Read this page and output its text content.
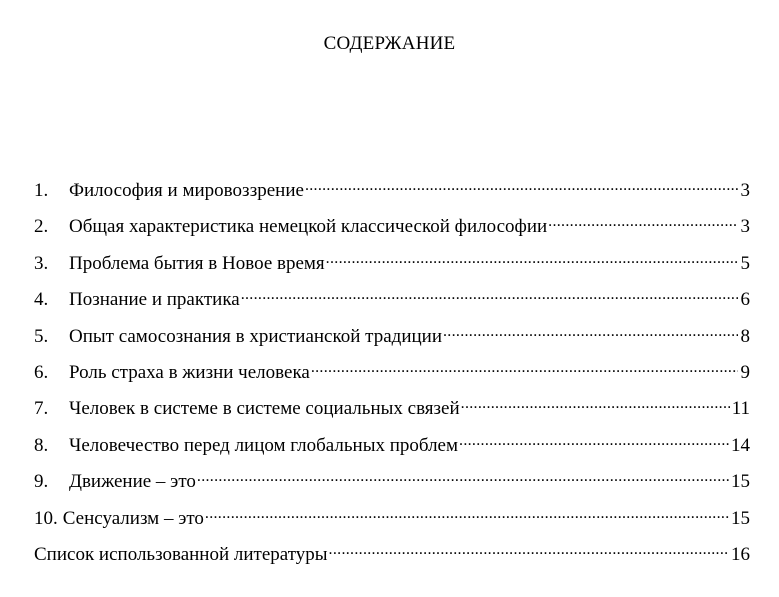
СОДЕРЖАНИЕ
1.	Философия и мировоззрение .....	3
2.	Общая характеристика немецкой классической философии .....	3
3.	Проблема бытия в Новое время .....	5
4.	Познание и практика .....	6
5.	Опыт самосознания в христианской традиции .....	8
6.	Роль страха в жизни человека .....	9
7.	Человек в системе в системе социальных связей .....	11
8.	Человечество перед лицом глобальных проблем .....	14
9.	Движение – это .....	15
10. Сенсуализм – это .....	15
Список использованной литературы .....	16
